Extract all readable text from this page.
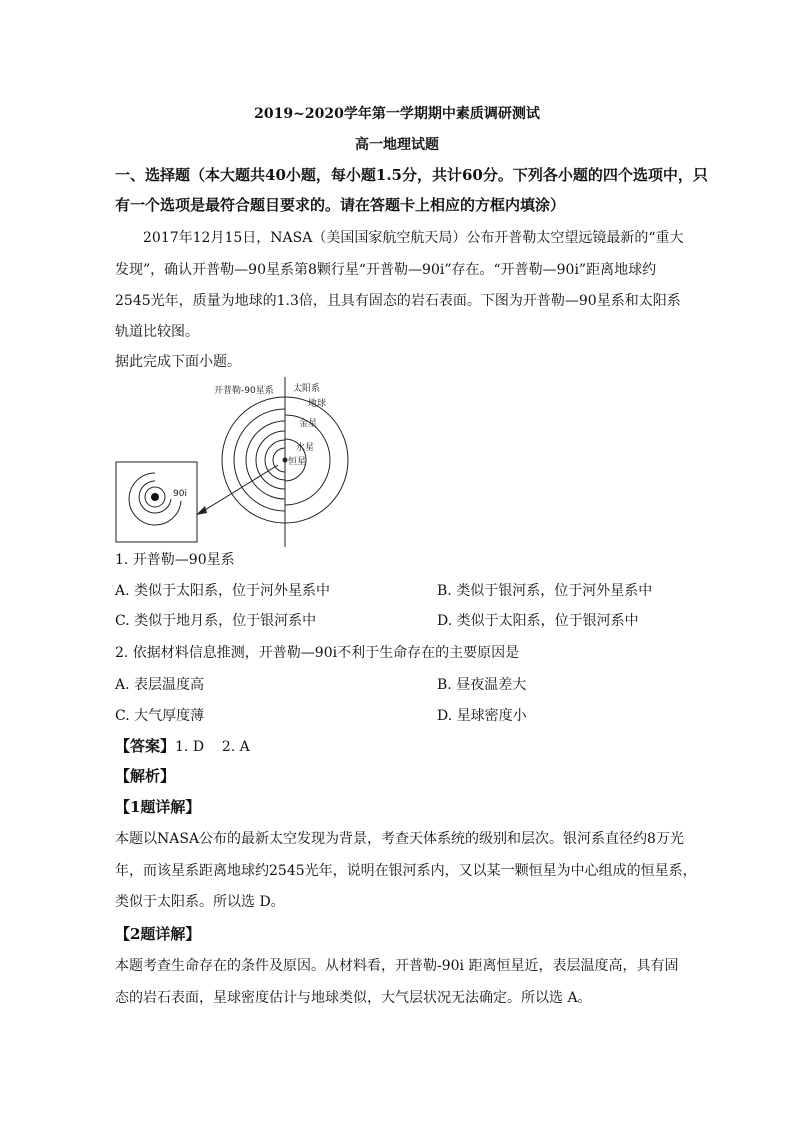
2019~2020学年第一学期期中素质调研测试
高一地理试题
一、选择题（本大题共40小题，每小题1.5分，共计60分。下列各小题的四个选项中，只
有一个选项是最符合题目要求的。请在答题卡上相应的方框内填涂）
2017年12月15日，NASA（美国国家航空航天局）公布开普勒太空望远镜最新的“重大
发现”，确认开普勒—90星系第8颗行星“开普勒—90i”存在。“开普勒—90i”距离地球约
2545光年，质量为地球的1.3倍，且具有固态的岩石表面。下图为开普勒—90星系和太阳系
轨道比较图。
据此完成下面小题。
开普勒-90星系 太阳系
地球
金星
水星
恒星
90i
1. 开普勒—90星系
A. 类似于太阳系，位于河外星系中	B. 类似于银河系，位于河外星系中
C. 类似于地月系，位于银河系中	D. 类似于太阳系，位于银河系中
2. 依据材料信息推测，开普勒—90i不利于生命存在的主要原因是
A. 表层温度高	B. 昼夜温差大
C. 大气厚度薄	D. 星球密度小
【答案】1. D    2. A
【解析】
【1题详解】
本题以NASA公布的最新太空发现为背景，考查天体系统的级别和层次。银河系直径约8万光
年，而该星系距离地球约2545光年，说明在银河系内，又以某一颗恒星为中心组成的恒星系，
类似于太阳系。所以选 D。
【2题详解】
本题考查生命存在的条件及原因。从材料看，开普勒-90i 距离恒星近，表层温度高，具有固
态的岩石表面，星球密度估计与地球类似，大气层状况无法确定。所以选 A。
